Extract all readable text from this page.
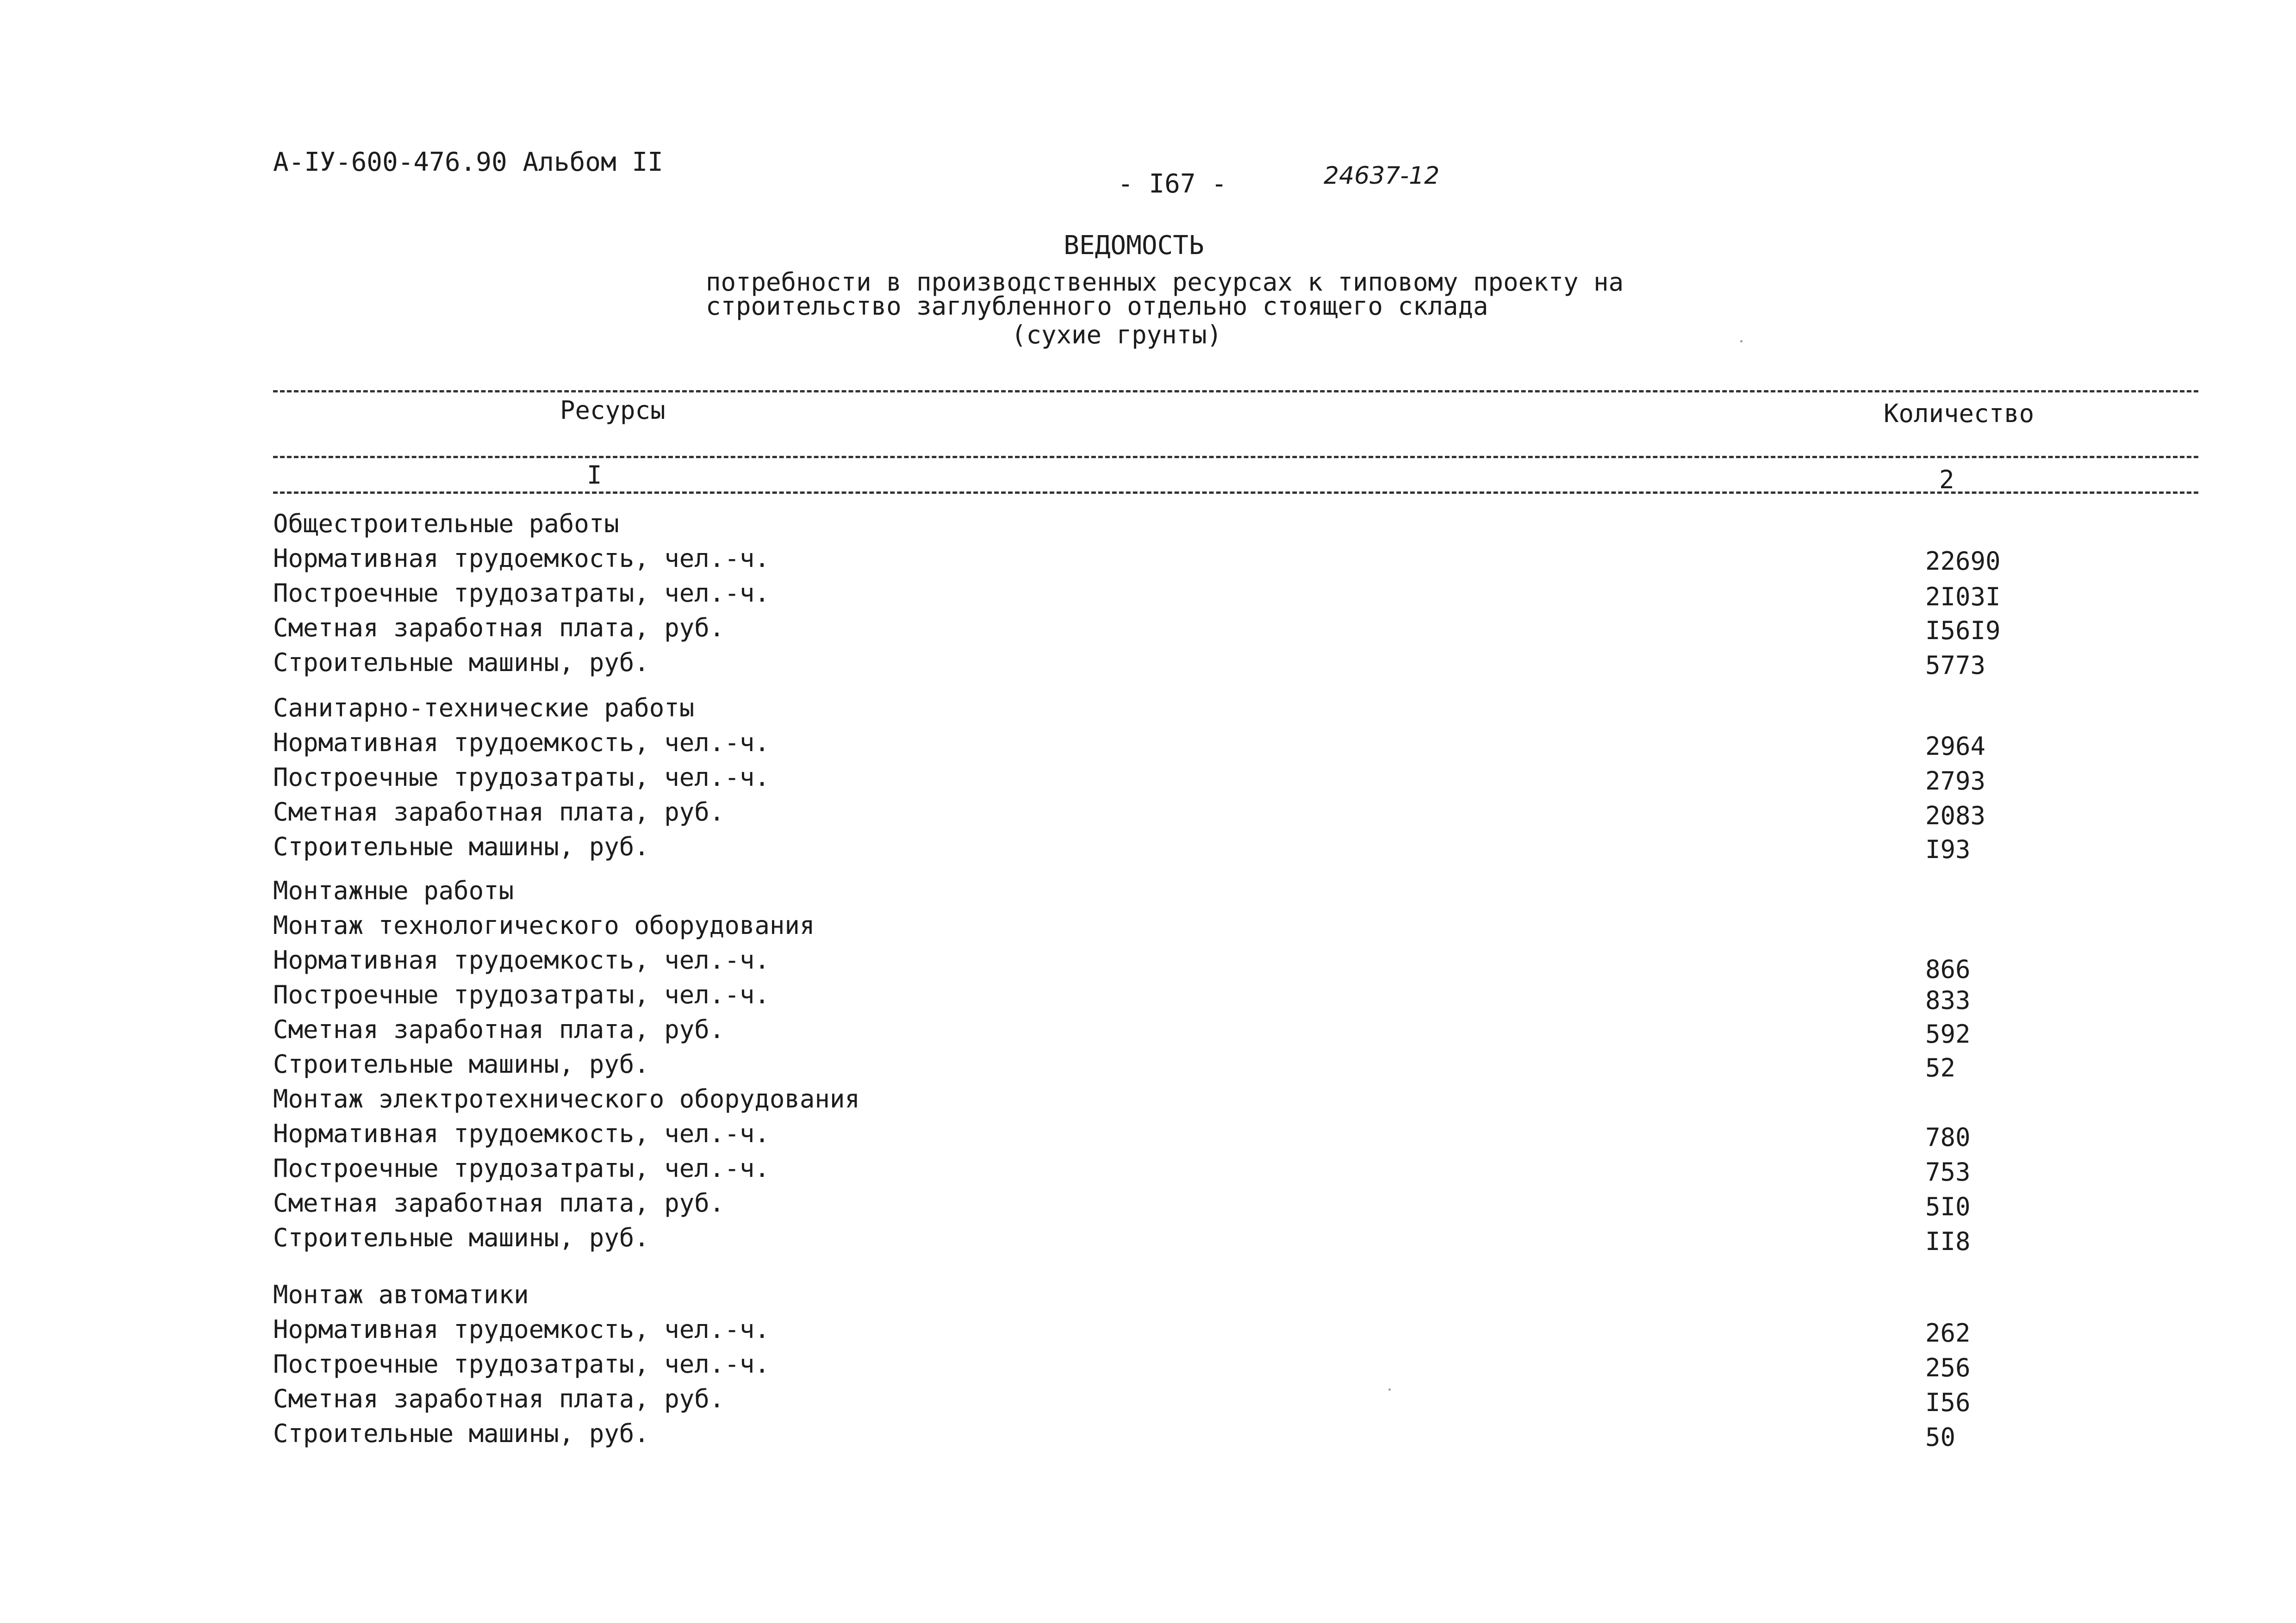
А-IУ-600-476.90 Альбом II
- I67 -	24637-12
ВЕДОМОСТЬ
потребности в производственных ресурсах к типовому проекту на
строительство заглубленного отдельно стоящего склада
(сухие грунты)
Ресурсы	Количество
I	2
Общестроительные работы
Нормативная трудоемкость, чел.-ч.	22690
Построечные трудозатраты, чел.-ч.	2I03I
Сметная заработная плата, руб.	I56I9
Строительные машины, руб.	5773
Санитарно-технические работы
Нормативная трудоемкость, чел.-ч.	2964
Построечные трудозатраты, чел.-ч.	2793
Сметная заработная плата, руб.	2083
Строительные машины, руб.	I93
Монтажные работы
Монтаж технологического оборудования
Нормативная трудоемкость, чел.-ч.	866
Построечные трудозатраты, чел.-ч.	833
Сметная заработная плата, руб.	592
Строительные машины, руб.	52
Монтаж электротехнического оборудования
Нормативная трудоемкость, чел.-ч.	780
Построечные трудозатраты, чел.-ч.	753
Сметная заработная плата, руб.	5I0
Строительные машины, руб.	II8
Монтаж автоматики
Нормативная трудоемкость, чел.-ч.	262
Построечные трудозатраты, чел.-ч.	256
Сметная заработная плата, руб.	I56
Строительные машины, руб.	50
